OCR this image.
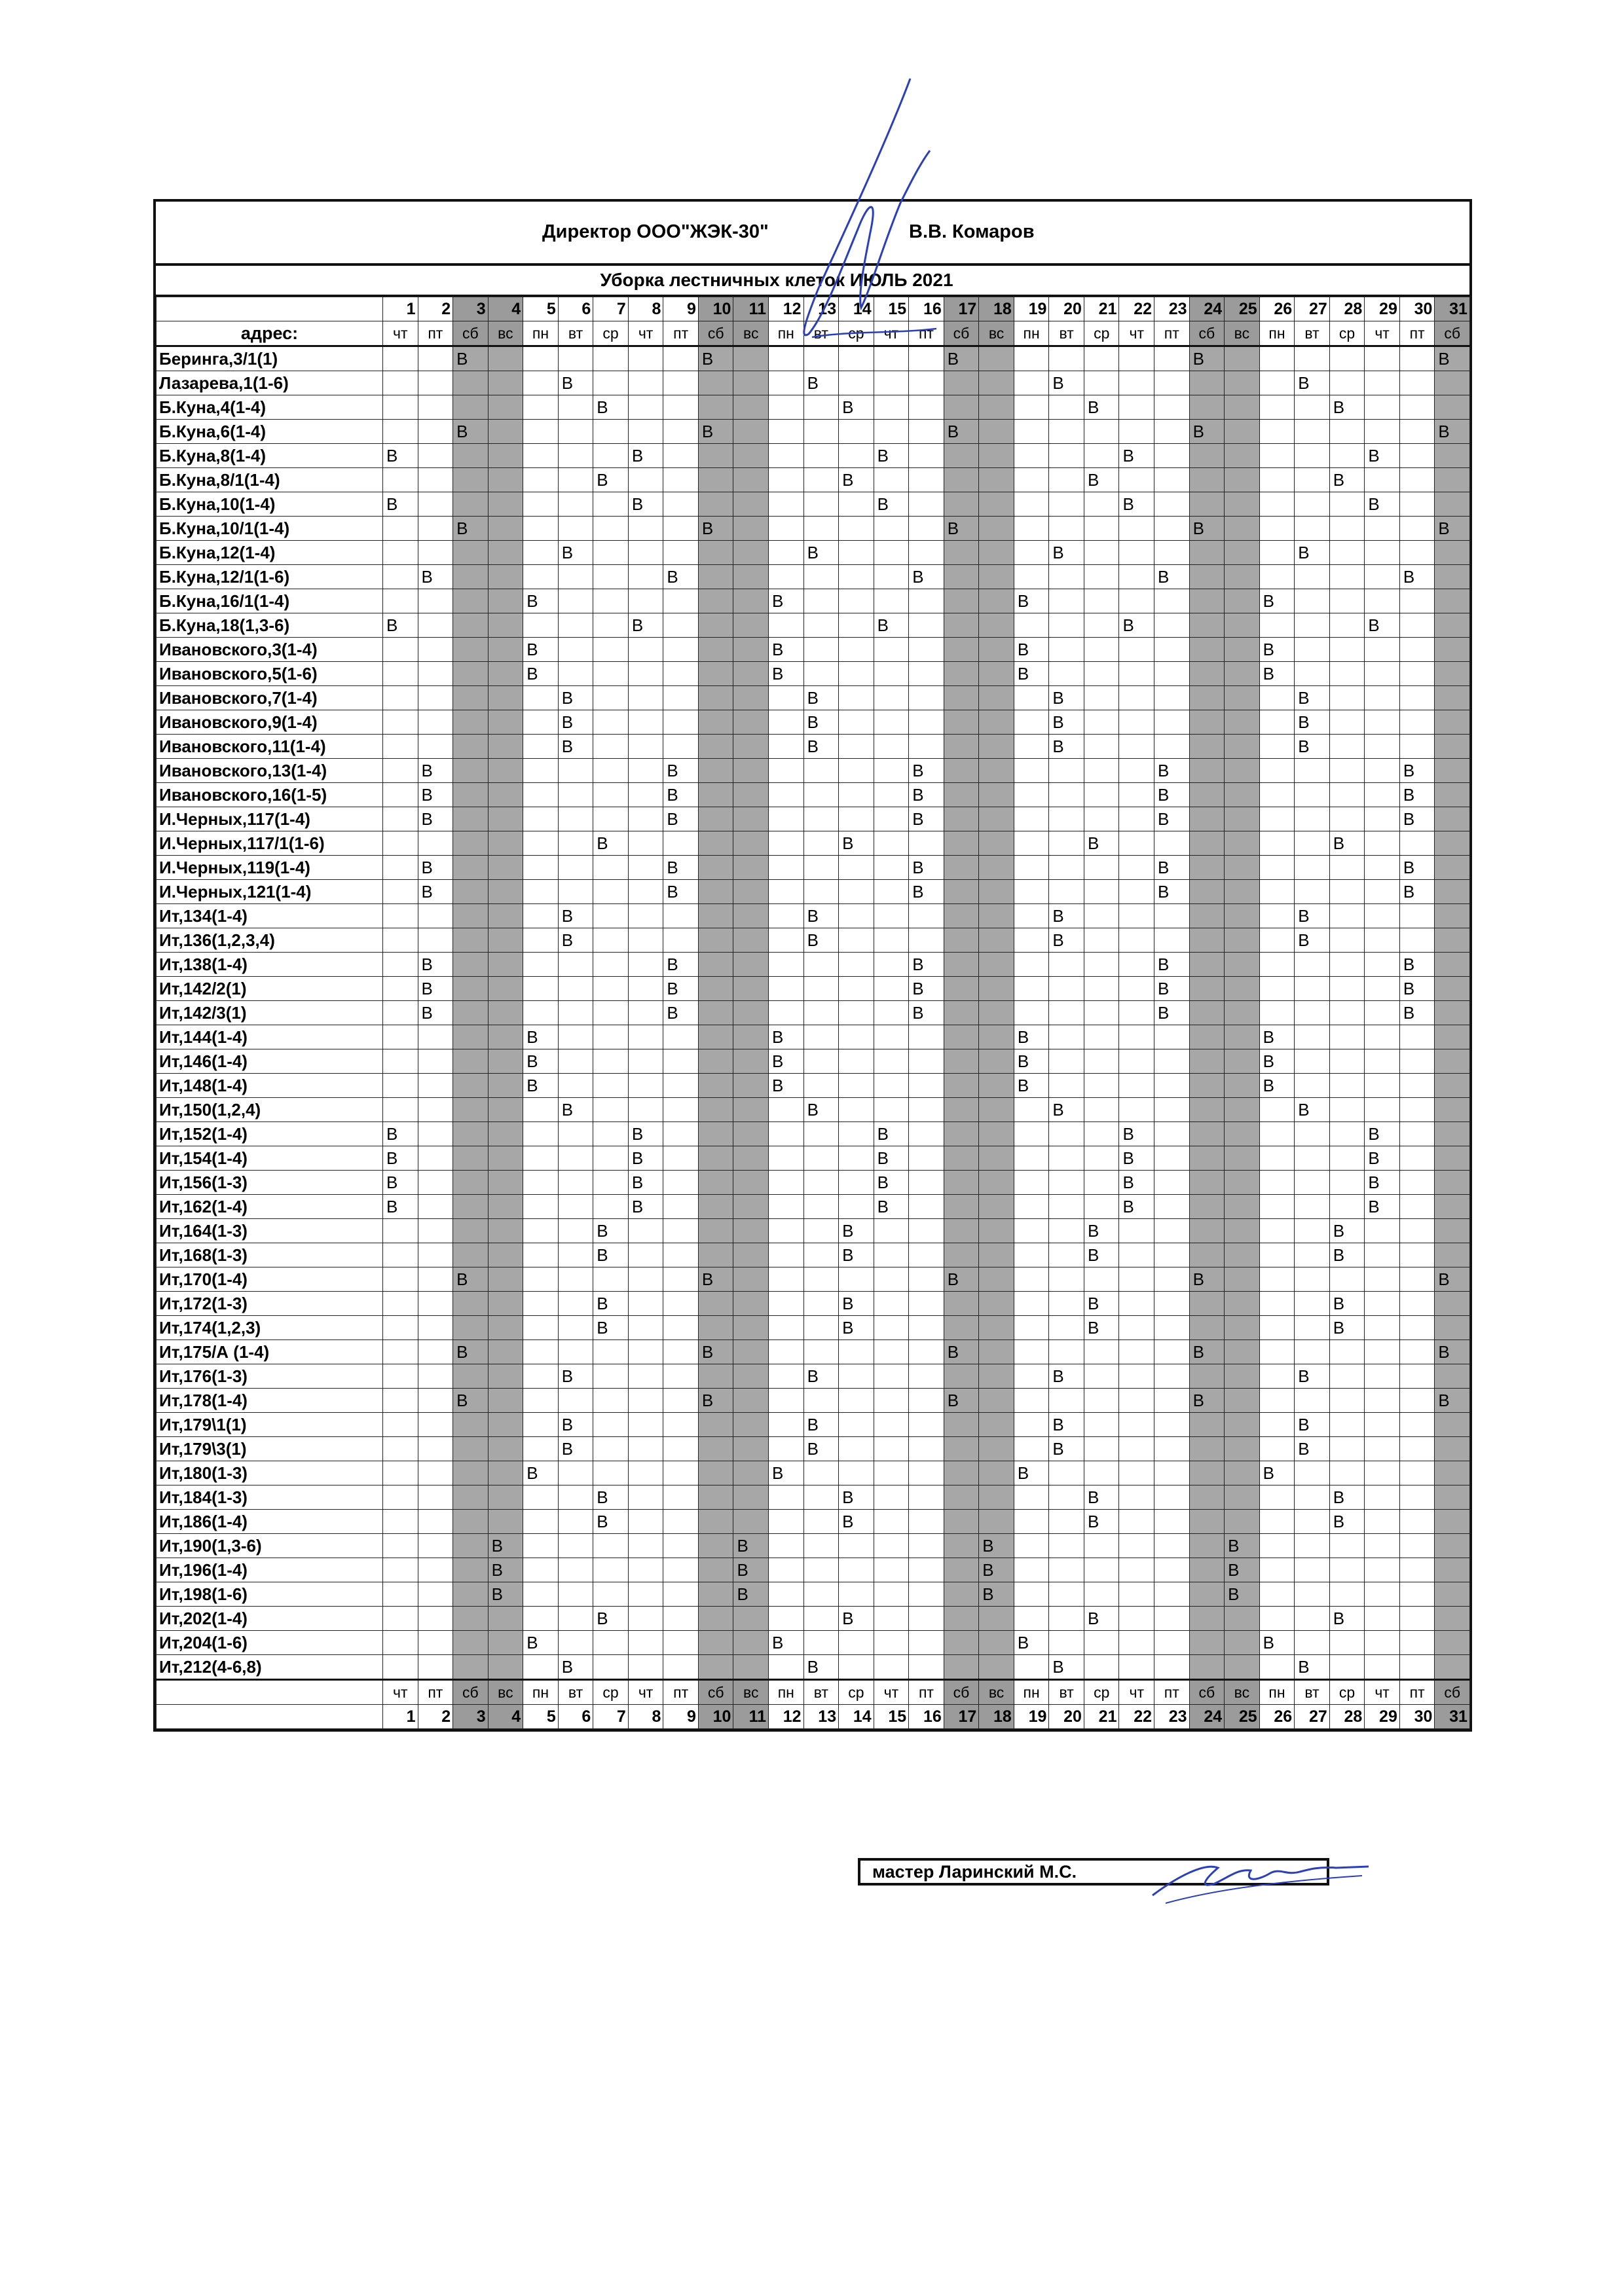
Директор ООО"ЖЭК-30"	В.В. Комаров
Уборка лестничных клеток ИЮЛЬ 2021
	1	2	3	4	5	6	7	8	9	10	11	12	13	14	15	16	17	18	19	20	21	22	23	24	25	26	27	28	29	30	31
адрес:	чт	пт	сб	вс	пн	вт	ср	чт	пт	сб	вс	пн	вт	ср	чт	пт	сб	вс	пн	вт	ср	чт	пт	сб	вс	пн	вт	ср	чт	пт	сб
Беринга,3/1(1)			В							В							В							В							В
Лазарева,1(1-6)						В							В							В							В				
Б.Куна,4(1-4)							В							В							В							В			
Б.Куна,6(1-4)			В							В							В							В							В
Б.Куна,8(1-4)	В							В							В							В							В		
Б.Куна,8/1(1-4)							В							В							В							В			
Б.Куна,10(1-4)	В							В							В							В							В		
Б.Куна,10/1(1-4)			В							В							В							В							В
Б.Куна,12(1-4)						В							В							В							В				
Б.Куна,12/1(1-6)		В							В							В							В							В	
Б.Куна,16/1(1-4)					В							В							В							В					
Б.Куна,18(1,3-6)	В							В							В							В							В		
Ивановского,3(1-4)					В							В							В							В					
Ивановского,5(1-6)					В							В							В							В					
Ивановского,7(1-4)						В							В							В							В				
Ивановского,9(1-4)						В							В							В							В				
Ивановского,11(1-4)						В							В							В							В				
Ивановского,13(1-4)		В							В							В							В							В	
Ивановского,16(1-5)		В							В							В							В							В	
И.Черных,117(1-4)		В							В							В							В							В	
И.Черных,117/1(1-6)							В							В							В							В			
И.Черных,119(1-4)		В							В							В							В							В	
И.Черных,121(1-4)		В							В							В							В							В	
Ит,134(1-4)						В							В							В							В				
Ит,136(1,2,3,4)						В							В							В							В				
Ит,138(1-4)		В							В							В							В							В	
Ит,142/2(1)		В							В							В							В							В	
Ит,142/3(1)		В							В							В							В							В	
Ит,144(1-4)					В							В							В							В					
Ит,146(1-4)					В							В							В							В					
Ит,148(1-4)					В							В							В							В					
Ит,150(1,2,4)						В							В							В							В				
Ит,152(1-4)	В							В							В							В							В		
Ит,154(1-4)	В							В							В							В							В		
Ит,156(1-3)	В							В							В							В							В		
Ит,162(1-4)	В							В							В							В							В		
Ит,164(1-3)							В							В							В							В			
Ит,168(1-3)							В							В							В							В			
Ит,170(1-4)			В							В							В							В							В
Ит,172(1-3)							В							В							В							В			
Ит,174(1,2,3)							В							В							В							В			
Ит,175/А (1-4)			В							В							В							В							В
Ит,176(1-3)						В							В							В							В				
Ит,178(1-4)			В							В							В							В							В
Ит,179\1(1)						В							В							В							В				
Ит,179\3(1)						В							В							В							В				
Ит,180(1-3)					В							В							В							В					
Ит,184(1-3)							В							В							В							В			
Ит,186(1-4)							В							В							В							В			
Ит,190(1,3-6)				В							В							В							В						
Ит,196(1-4)				В							В							В							В						
Ит,198(1-6)				В							В							В							В						
Ит,202(1-4)							В							В							В							В			
Ит,204(1-6)					В							В							В							В					
Ит,212(4-6,8)						В							В							В							В				
	чт	пт	сб	вс	пн	вт	ср	чт	пт	сб	вс	пн	вт	ср	чт	пт	сб	вс	пн	вт	ср	чт	пт	сб	вс	пн	вт	ср	чт	пт	сб
	1	2	3	4	5	6	7	8	9	10	11	12	13	14	15	16	17	18	19	20	21	22	23	24	25	26	27	28	29	30	31
мастер Ларинский М.С.
